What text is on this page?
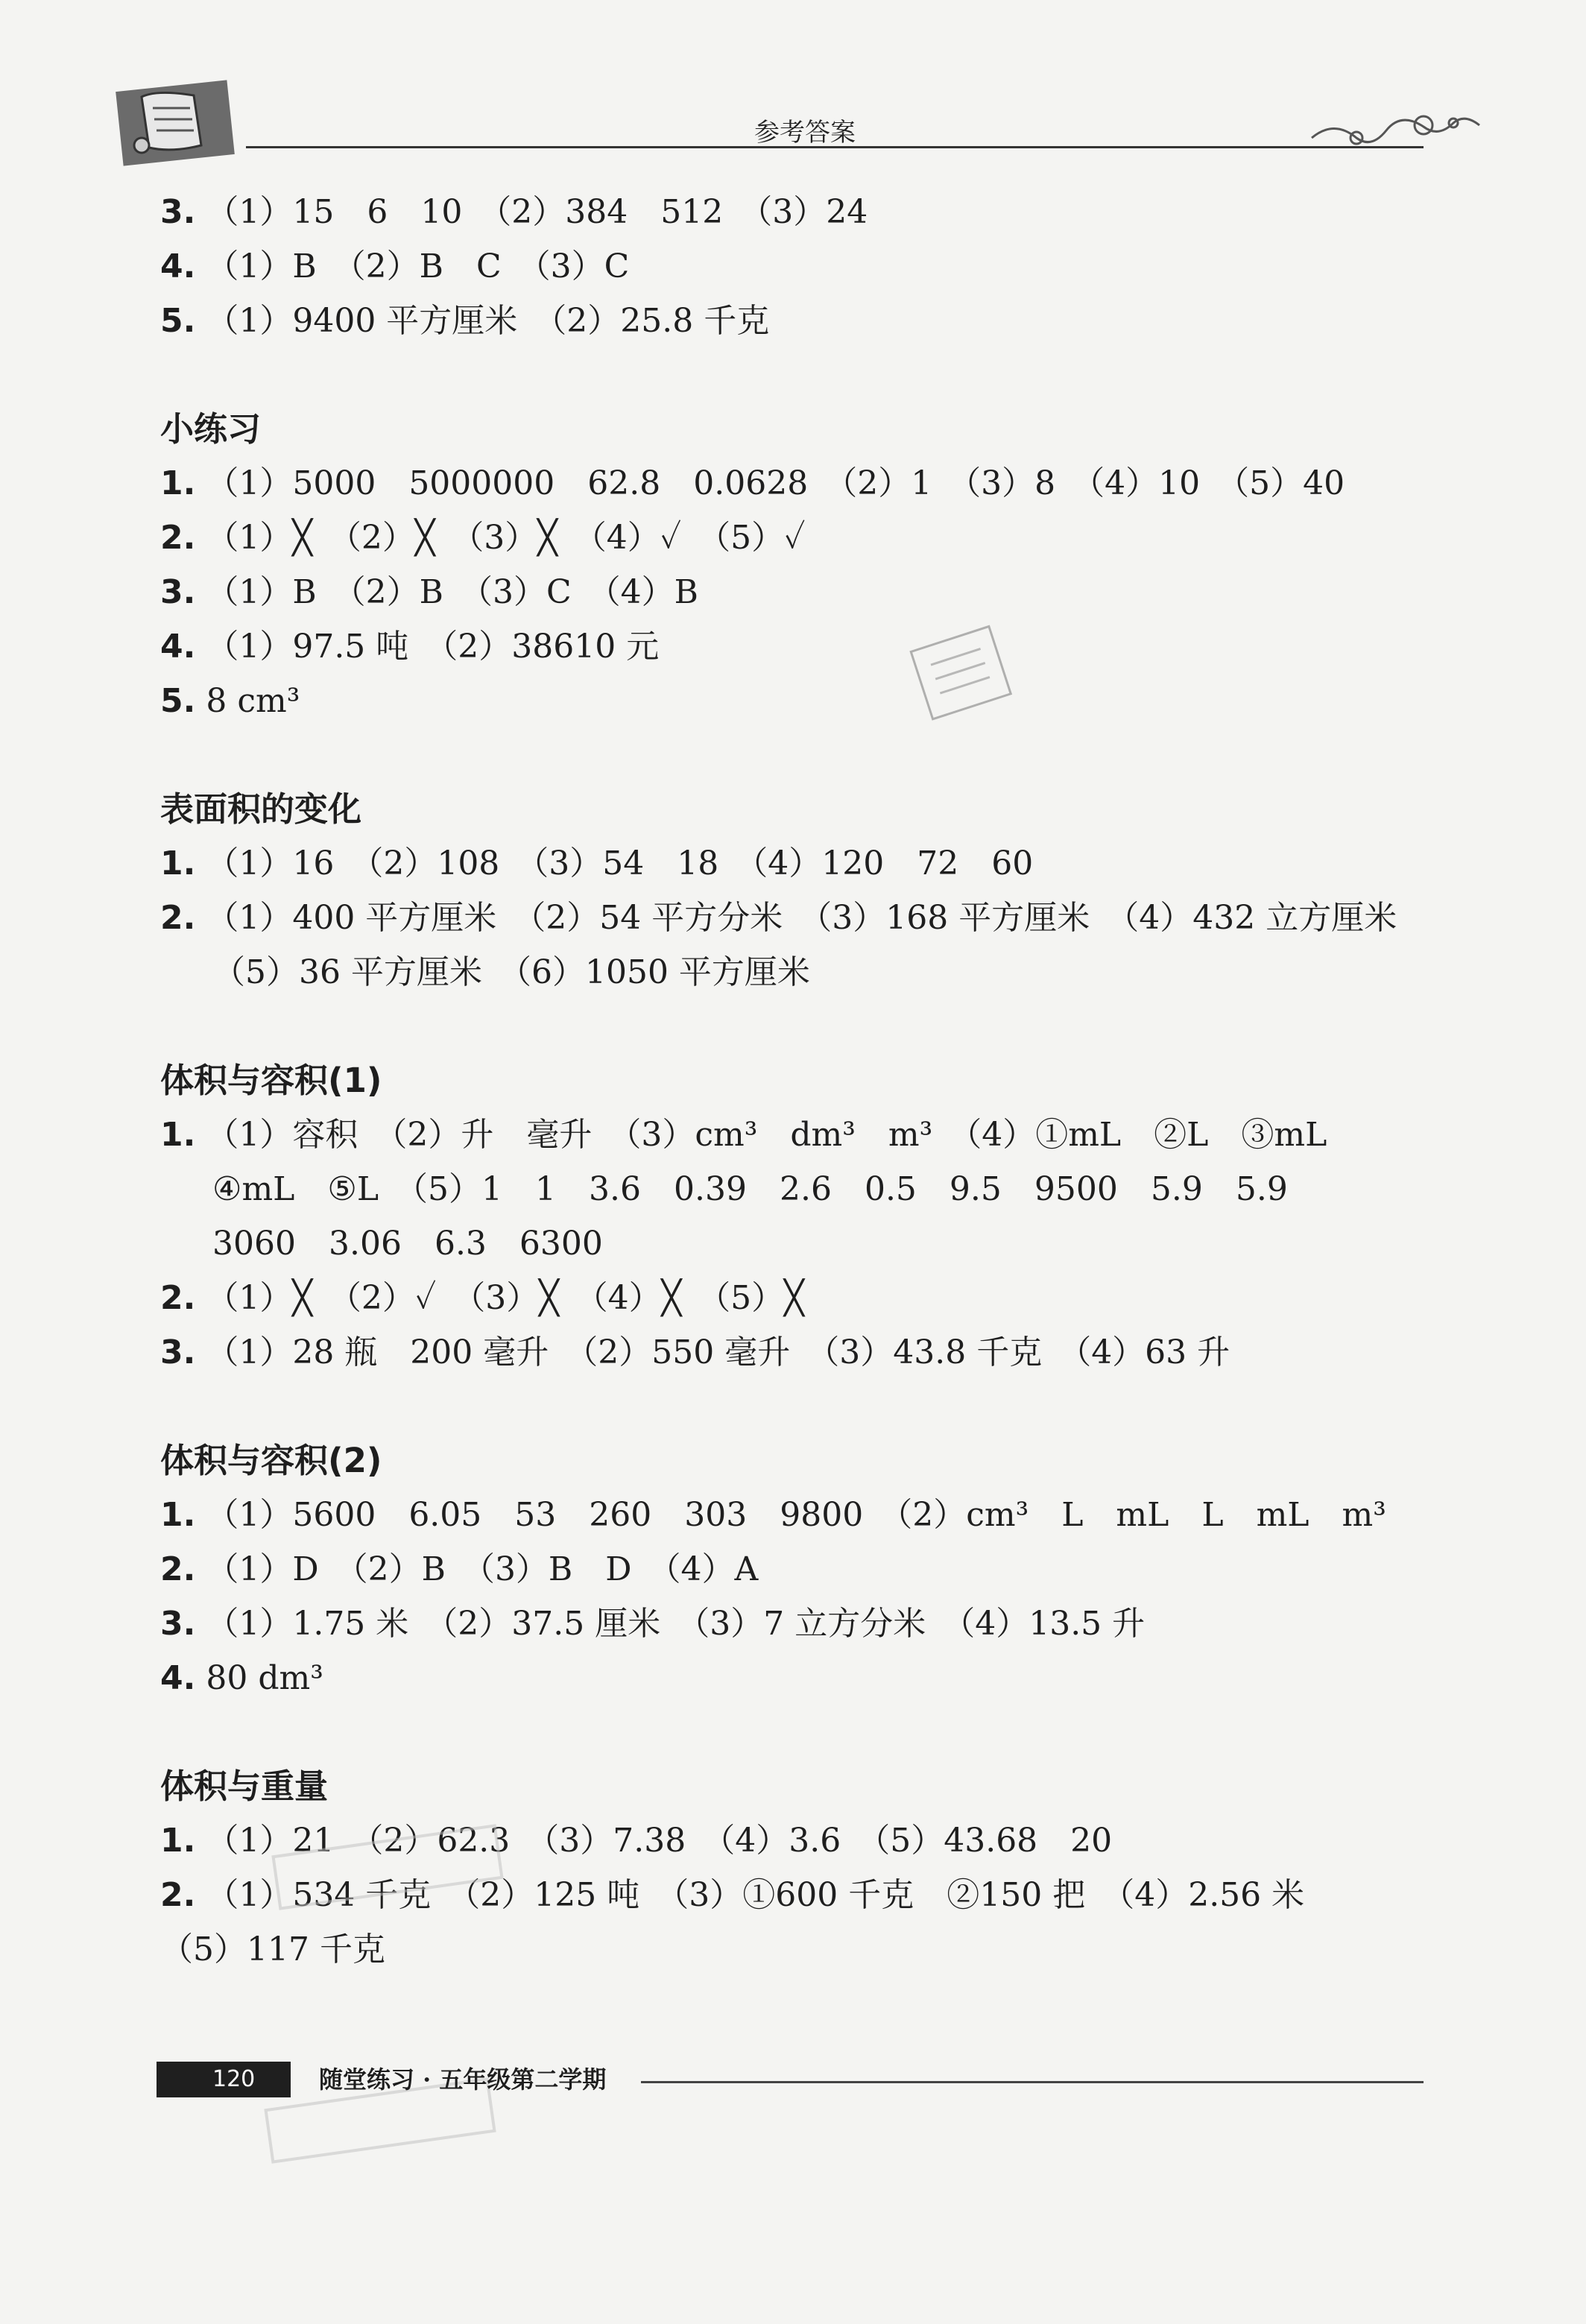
参考答案
3. （1）15　6　10　（2）384　512　（3）24
4. （1）B　（2）B　C　（3）C
5. （1）9400 平方厘米　（2）25.8 千克
小练习
1. （1）5000　5000000　62.8　0.0628　（2）1　（3）8　（4）10　（5）40
2. （1）╳　（2）╳　（3）╳　（4）✓　（5）✓
3. （1）B　（2）B　（3）C　（4）B
4. （1）97.5 吨　（2）38610 元
5. 8 cm³
表面积的变化
1. （1）16　（2）108　（3）54　18　（4）120　72　60
2. （1）400 平方厘米　（2）54 平方分米　（3）168 平方厘米　（4）432 立方厘米
（5）36 平方厘米　（6）1050 平方厘米
体积与容积(1)
1. （1）容积　（2）升　毫升　（3）cm³　dm³　m³　（4）①mL　②L　③mL
④mL　⑤L　（5）1　1　3.6　0.39　2.6　0.5　9.5　9500　5.9　5.9
3060　3.06　6.3　6300
2. （1）╳　（2）✓　（3）╳　（4）╳　（5）╳
3. （1）28 瓶　200 毫升　（2）550 毫升　（3）43.8 千克　（4）63 升
体积与容积(2)
1. （1）5600　6.05　53　260　303　9800　（2）cm³　L　mL　L　mL　m³
2. （1）D　（2）B　（3）B　D　（4）A
3. （1）1.75 米　（2）37.5 厘米　（3）7 立方分米　（4）13.5 升
4. 80 dm³
体积与重量
1. （1）21　（2）62.3　（3）7.38　（4）3.6　（5）43.68　20
2. （1）534 千克　（2）125 吨　（3）①600 千克　②150 把　（4）2.56 米
（5）117 千克
120	随堂练习 · 五年级第二学期
